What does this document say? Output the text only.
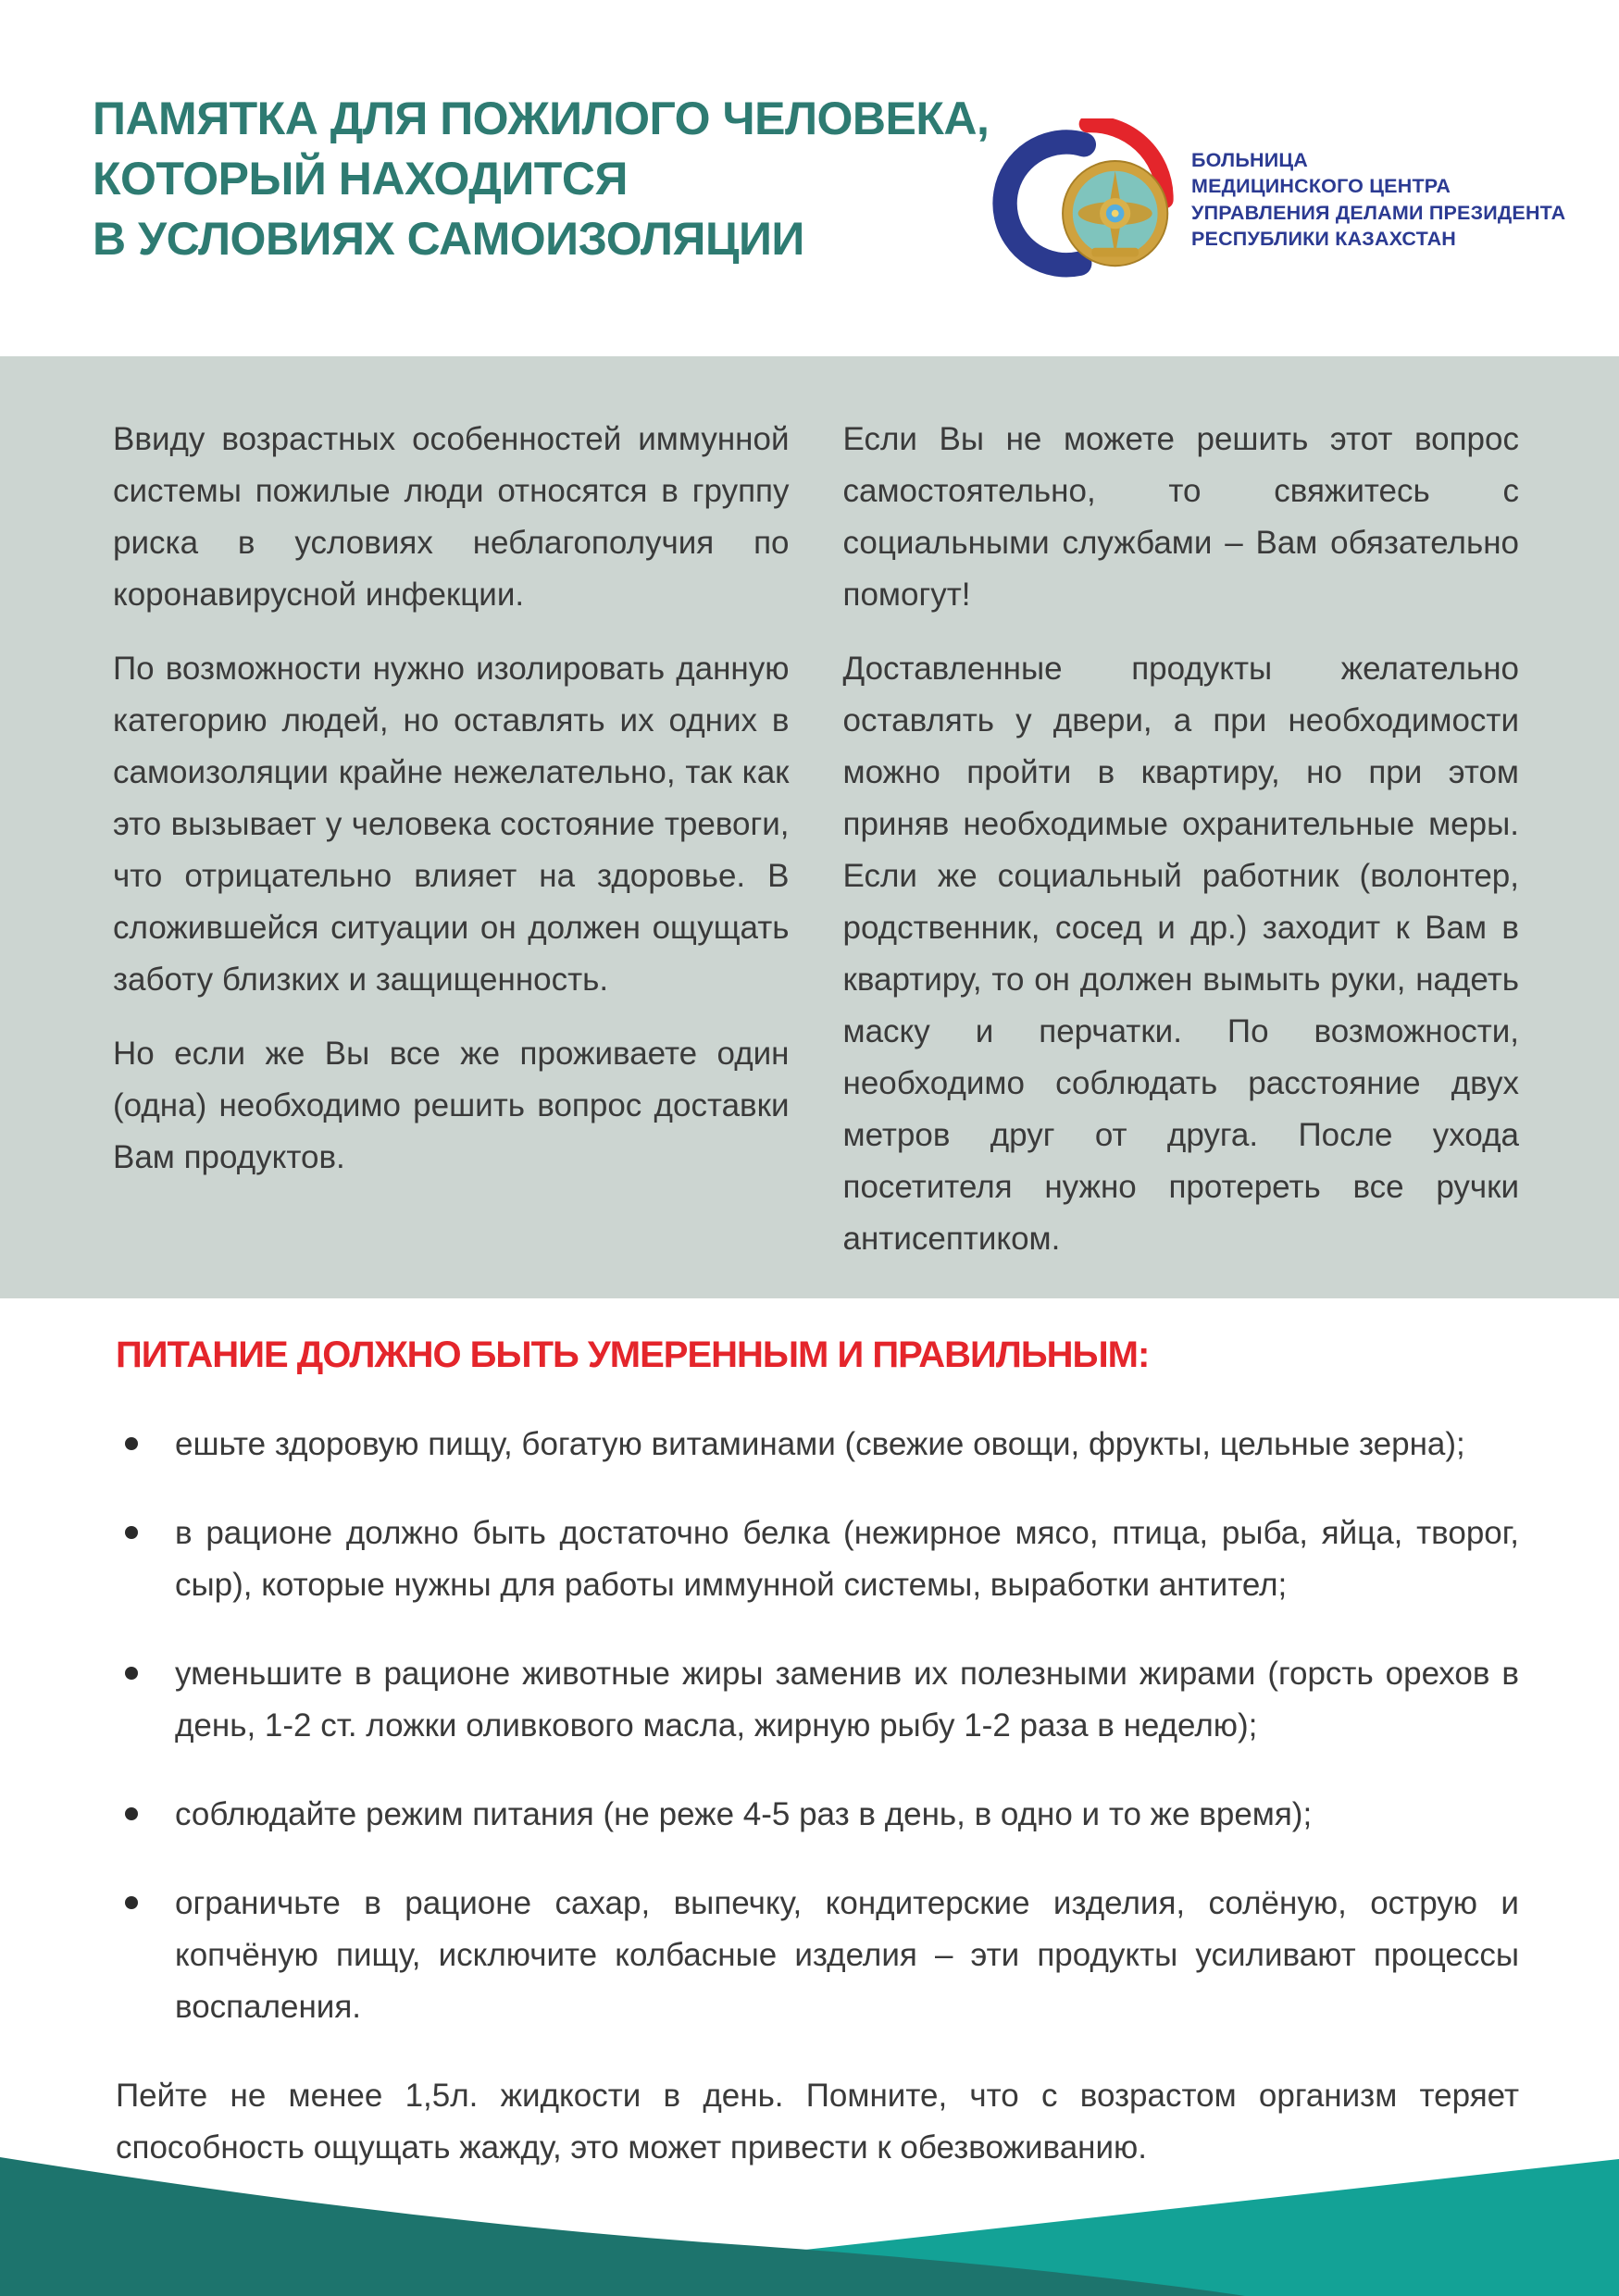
ПАМЯТКА ДЛЯ ПОЖИЛОГО ЧЕЛОВЕКА,
КОТОРЫЙ НАХОДИТСЯ
В УСЛОВИЯХ САМОИЗОЛЯЦИИ
БОЛЬНИЦА
МЕДИЦИНСКОГО ЦЕНТРА
УПРАВЛЕНИЯ ДЕЛАМИ ПРЕЗИДЕНТА
РЕСПУБЛИКИ КАЗАХСТАН

Ввиду возрастных особенностей иммунной системы пожилые люди относятся в группу риска в условиях неблагополучия по коронавирусной инфекции.

По возможности нужно изолировать данную категорию людей, но оставлять их одних в самоизоляции крайне нежелательно, так как это вызывает у человека состояние тревоги, что отрицательно влияет на здоровье. В сложившейся ситуации он должен ощущать заботу близких и защищенность.

Но если же Вы все же проживаете один (одна) необходимо решить вопрос доставки Вам продуктов.

Если Вы не можете решить этот вопрос самостоятельно, то свяжитесь с социальными службами – Вам обязательно помогут!

Доставленные продукты желательно оставлять у двери, а при необходимости можно пройти в квартиру, но при этом приняв необходимые охранительные меры. Если же социальный работник (волонтер, родственник, сосед и др.) заходит к Вам в квартиру, то он должен вымыть руки, надеть маску и перчатки. По возможности, необходимо соблюдать расстояние двух метров друг от друга. После ухода посетителя нужно протереть все ручки антисептиком.

ПИТАНИЕ ДОЛЖНО БЫТЬ УМЕРЕННЫМ И ПРАВИЛЬНЫМ:
ешьте здоровую пищу, богатую витаминами (свежие овощи, фрукты, цельные зерна);
в рационе должно быть достаточно белка (нежирное мясо, птица, рыба, яйца, творог, сыр), которые нужны для работы иммунной системы, выработки антител;
уменьшите в рационе животные жиры заменив их полезными жирами (горсть орехов в день, 1-2 ст. ложки оливкового масла, жирную рыбу 1-2 раза в неделю);
соблюдайте режим питания (не реже 4-5 раз в день, в одно и то же время);
ограничьте в рационе сахар, выпечку, кондитерские изделия, солёную, острую и копчёную пищу, исключите колбасные изделия – эти продукты усиливают процессы воспаления.

Пейте не менее 1,5л. жидкости в день. Помните, что с возрастом организм теряет способность ощущать жажду, это может привести к обезвоживанию.
